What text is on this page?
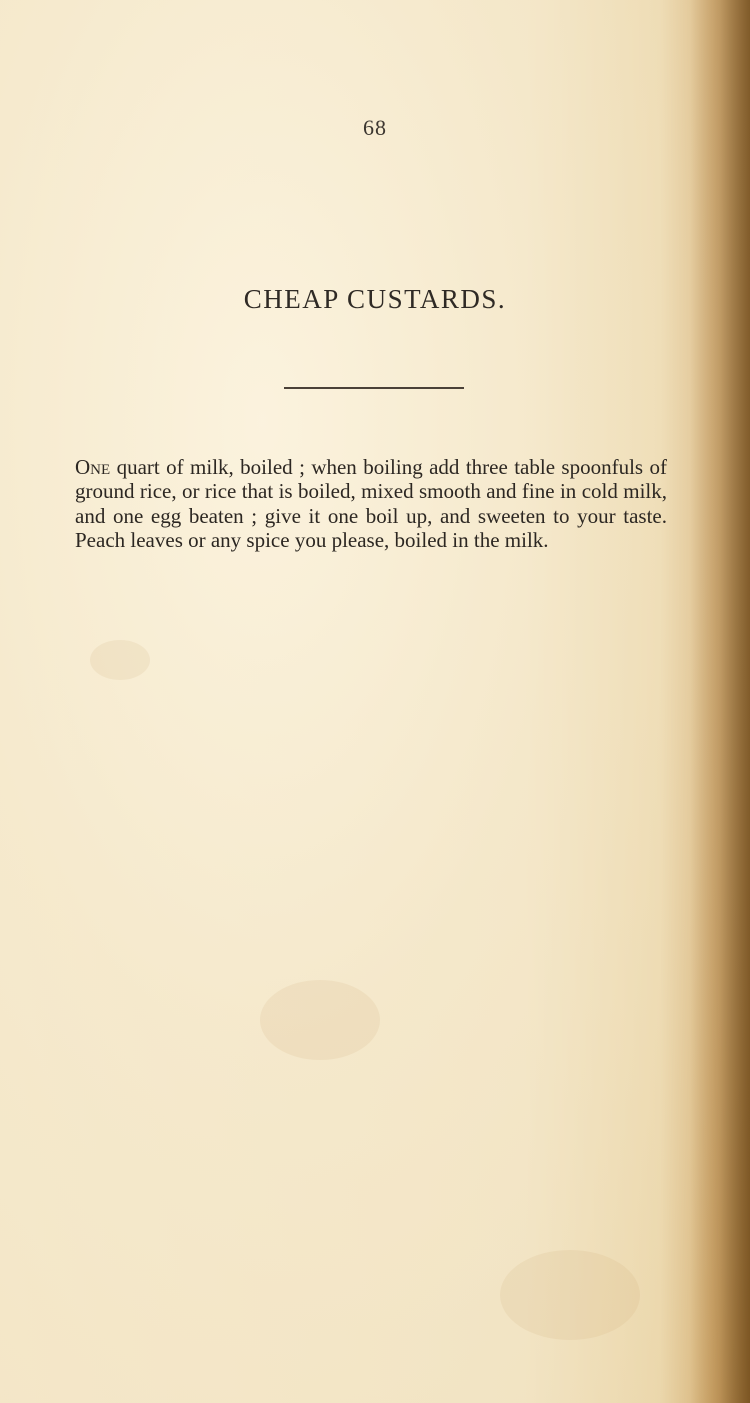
68
CHEAP CUSTARDS.
One quart of milk, boiled ; when boiling add three table spoonfuls of ground rice, or rice that is boiled, mixed smooth and fine in cold milk, and one egg beaten ; give it one boil up, and sweeten to your taste. Peach leaves or any spice you please, boiled in the milk.
